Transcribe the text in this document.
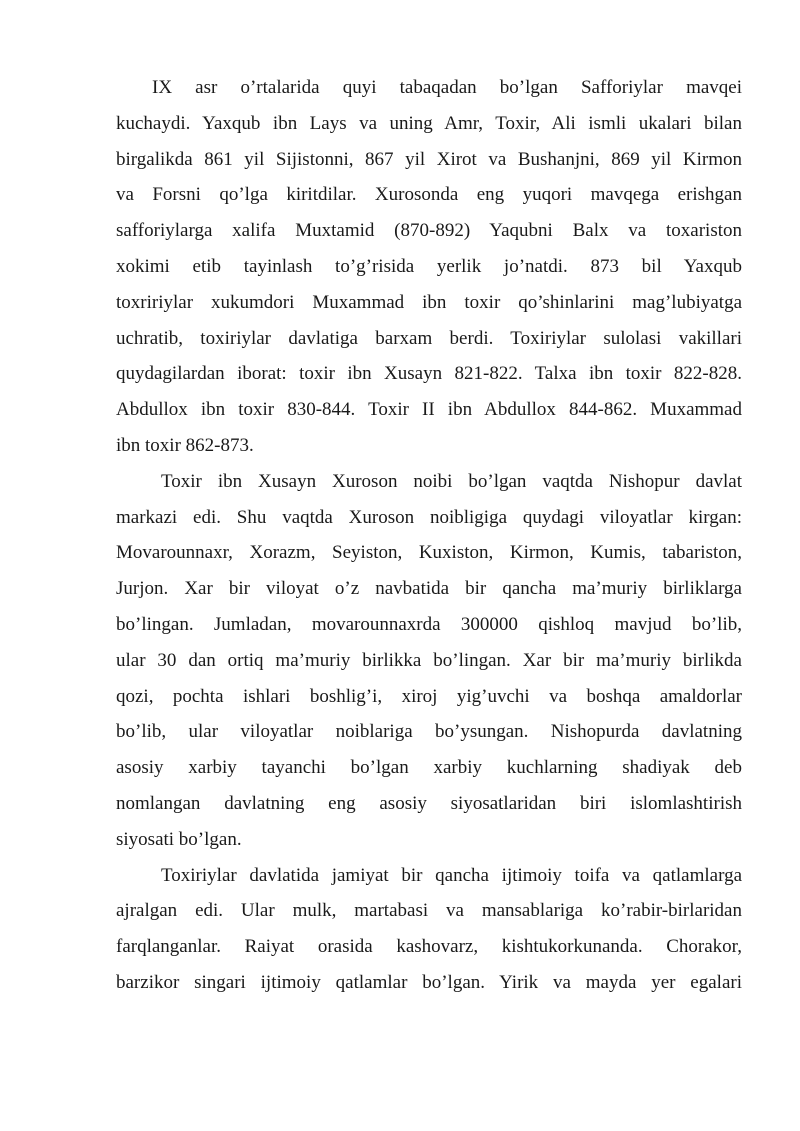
IX asr o’rtalarida quyi tabaqadan bo’lgan Safforiylar mavqei
kuchaydi. Yaxqub ibn Lays va uning Amr, Toxir, Ali ismli ukalari bilan
birgalikda 861 yil Sijistonni, 867 yil Xirot va Bushanjni, 869 yil Kirmon
va Forsni qo’lga kiritdilar. Xurosonda eng yuqori mavqega erishgan
safforiylarga xalifa Muxtamid (870-892) Yaqubni Balx va toxariston
xokimi etib tayinlash to’g’risida yerlik jo’natdi. 873 bil Yaxqub
toxririylar xukumdori Muxammad ibn toxir qo’shinlarini mag’lubiyatga
uchratib, toxiriylar davlatiga barxam berdi. Toxiriylar sulolasi vakillari
quydagilardan iborat: toxir ibn Xusayn 821-822. Talxa ibn toxir 822-828.
Abdullox ibn toxir 830-844. Toxir II ibn Abdullox 844-862. Muxammad
ibn toxir 862-873.
Toxir ibn Xusayn Xuroson noibi bo’lgan vaqtda Nishopur davlat
markazi edi. Shu vaqtda Xuroson noibligiga quydagi viloyatlar kirgan:
Movarounnaxr, Xorazm, Seyiston, Kuxiston, Kirmon, Kumis, tabariston,
Jurjon. Xar bir viloyat o’z navbatida bir qancha ma’muriy birliklarga
bo’lingan. Jumladan, movarounnaxrda 300000 qishloq mavjud bo’lib,
ular 30 dan ortiq ma’muriy birlikka bo’lingan. Xar bir ma’muriy birlikda
qozi, pochta ishlari boshlig’i, xiroj yig’uvchi va boshqa amaldorlar
bo’lib, ular viloyatlar noiblariga bo’ysungan. Nishopurda davlatning
asosiy xarbiy tayanchi bo’lgan xarbiy kuchlarning shadiyak deb
nomlangan davlatning eng asosiy siyosatlaridan biri islomlashtirish
siyosati bo’lgan.
Toxiriylar davlatida jamiyat bir qancha ijtimoiy toifa va qatlamlarga
ajralgan edi. Ular mulk, martabasi va mansablariga ko’rabir-birlaridan
farqlanganlar. Raiyat orasida kashovarz, kishtukorkunanda. Chorakor,
barzikor singari ijtimoiy qatlamlar bo’lgan. Yirik va mayda yer egalari
